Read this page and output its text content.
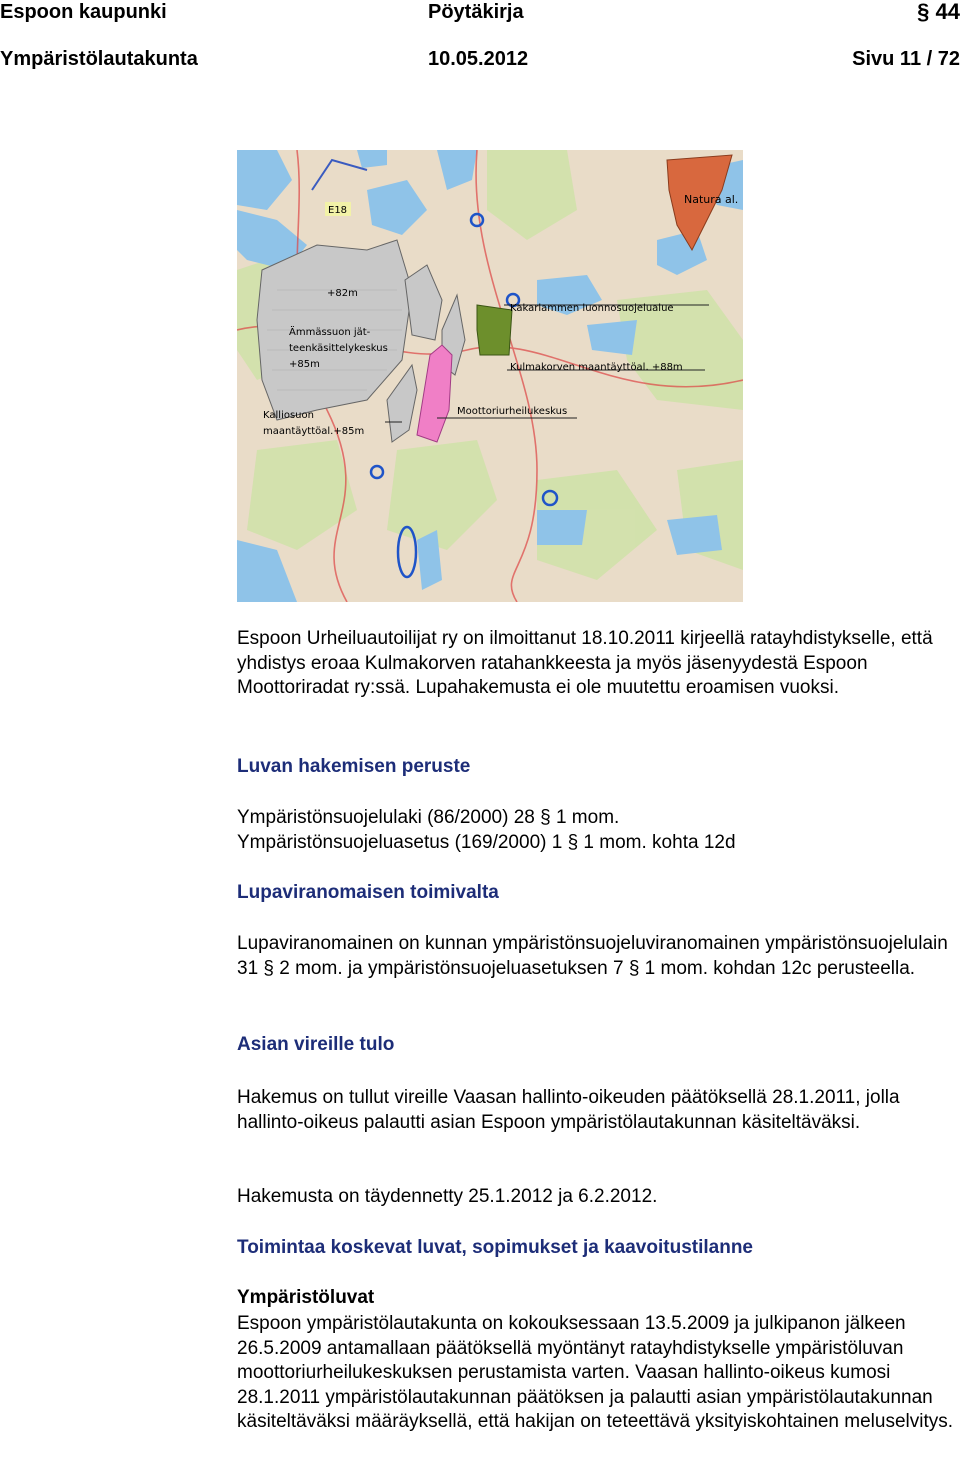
Espoon kaupunki	Pöytäkirja	§ 44
Ympäristölautakunta	10.05.2012	Sivu 11 / 72
E18
Natura al.
+82m
Ämmässuon jät-
teenkäsittelykeskus
+85m
Kakarlammen luonnosuojelualue
Kulmakorven maantäyttöal. +88m
Moottoriurheilukeskus
Kalliosuon
maantäyttöal.+85m

Espoon Urheiluautoilijat ry on ilmoittanut 18.10.2011 kirjeellä ratayhdistykselle, että yhdistys eroaa Kulmakorven ratahankkeesta ja myös jäsenyydestä Espoon Moottoriradat ry:ssä. Lupahakemusta ei ole muutettu eroamisen vuoksi.

Luvan hakemisen peruste

Ympäristönsuojelulaki (86/2000) 28 § 1 mom.

Ympäristönsuojeluasetus (169/2000) 1 § 1 mom. kohta 12d

Lupaviranomaisen toimivalta

Lupaviranomainen on kunnan ympäristönsuojeluviranomainen ympäristönsuojelulain 31 § 2 mom. ja ympäristönsuojeluasetuksen 7 § 1 mom. kohdan 12c perusteella.

Asian vireille tulo

Hakemus on tullut vireille Vaasan hallinto-oikeuden päätöksellä 28.1.2011, jolla hallinto-oikeus palautti asian Espoon ympäristölautakunnan käsiteltäväksi.

Hakemusta on täydennetty 25.1.2012 ja 6.2.2012.

Toimintaa koskevat luvat, sopimukset ja kaavoitustilanne
Ympäristöluvat

Espoon ympäristölautakunta on kokouksessaan 13.5.2009 ja julkipanon jälkeen 26.5.2009 antamallaan päätöksellä myöntänyt ratayhdistykselle ympäristöluvan moottoriurheilukeskuksen perustamista varten. Vaasan hallinto-oikeus kumosi 28.1.2011 ympäristölautakunnan päätöksen ja palautti asian ympäristölautakunnan käsiteltäväksi määräyksellä, että hakijan on teteettävä yksityiskohtainen meluselvitys.
